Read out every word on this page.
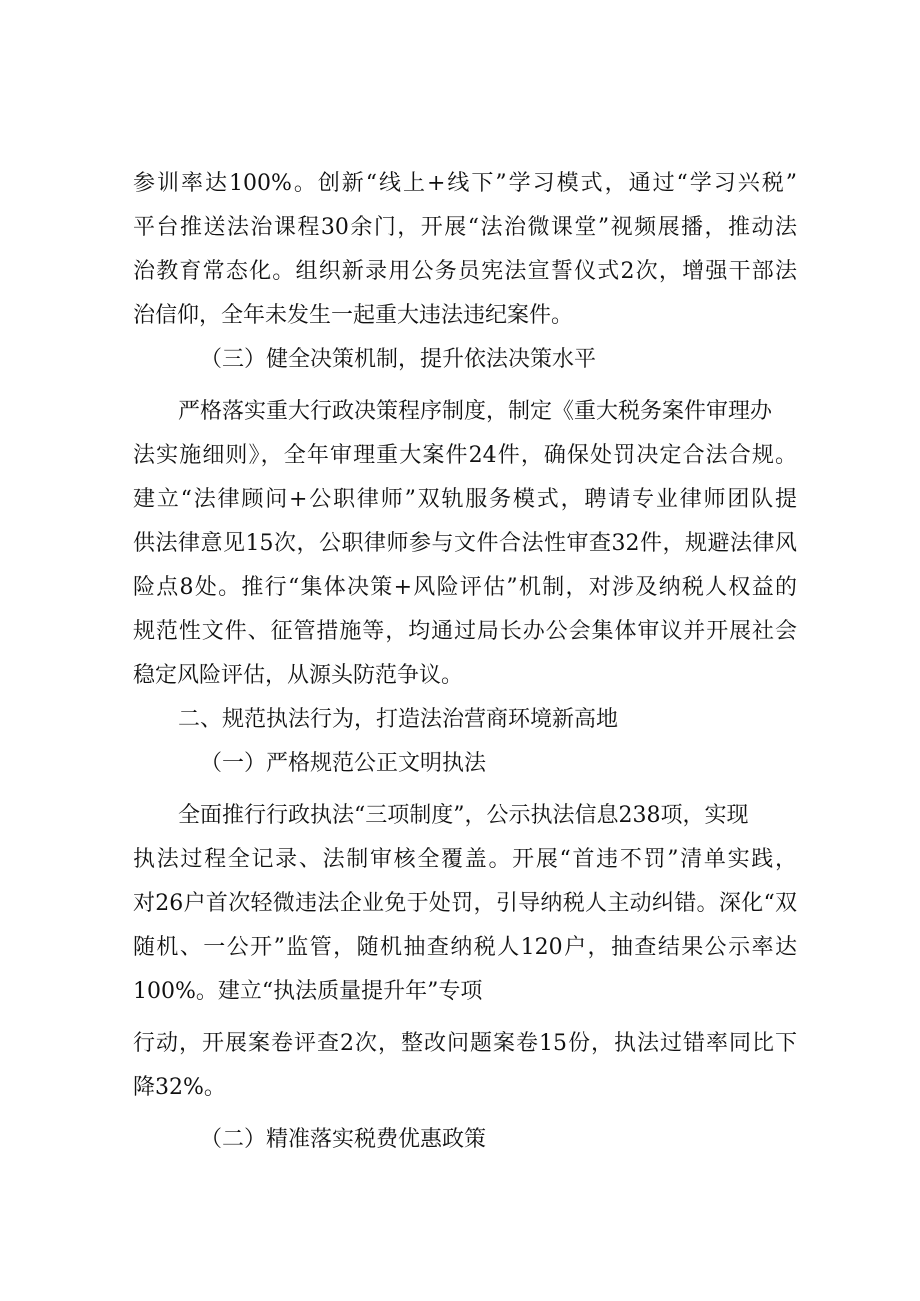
参训率达100%。创新“线上+线下”学习模式，通过“学习兴税”
平台推送法治课程30余门，开展“法治微课堂”视频展播，推动法
治教育常态化。组织新录用公务员宪法宣誓仪式2次，增强干部法
治信仰，全年未发生一起重大违法违纪案件。
（三）健全决策机制，提升依法决策水平
严格落实重大行政决策程序制度，制定《重大税务案件审理办
法实施细则》，全年审理重大案件24件，确保处罚决定合法合规。
建立“法律顾问+公职律师”双轨服务模式，聘请专业律师团队提
供法律意见15次，公职律师参与文件合法性审查32件，规避法律风
险点8处。推行“集体决策+风险评估”机制，对涉及纳税人权益的
规范性文件、征管措施等，均通过局长办公会集体审议并开展社会
稳定风险评估，从源头防范争议。
二、规范执法行为，打造法治营商环境新高地
（一）严格规范公正文明执法
全面推行行政执法“三项制度”，公示执法信息238项，实现
执法过程全记录、法制审核全覆盖。开展“首违不罚”清单实践，
对26户首次轻微违法企业免于处罚，引导纳税人主动纠错。深化“双
随机、一公开”监管，随机抽查纳税人120户，抽查结果公示率达
100%。建立“执法质量提升年”专项
行动，开展案卷评查2次，整改问题案卷15份，执法过错率同比下
降32%。
（二）精准落实税费优惠政策
